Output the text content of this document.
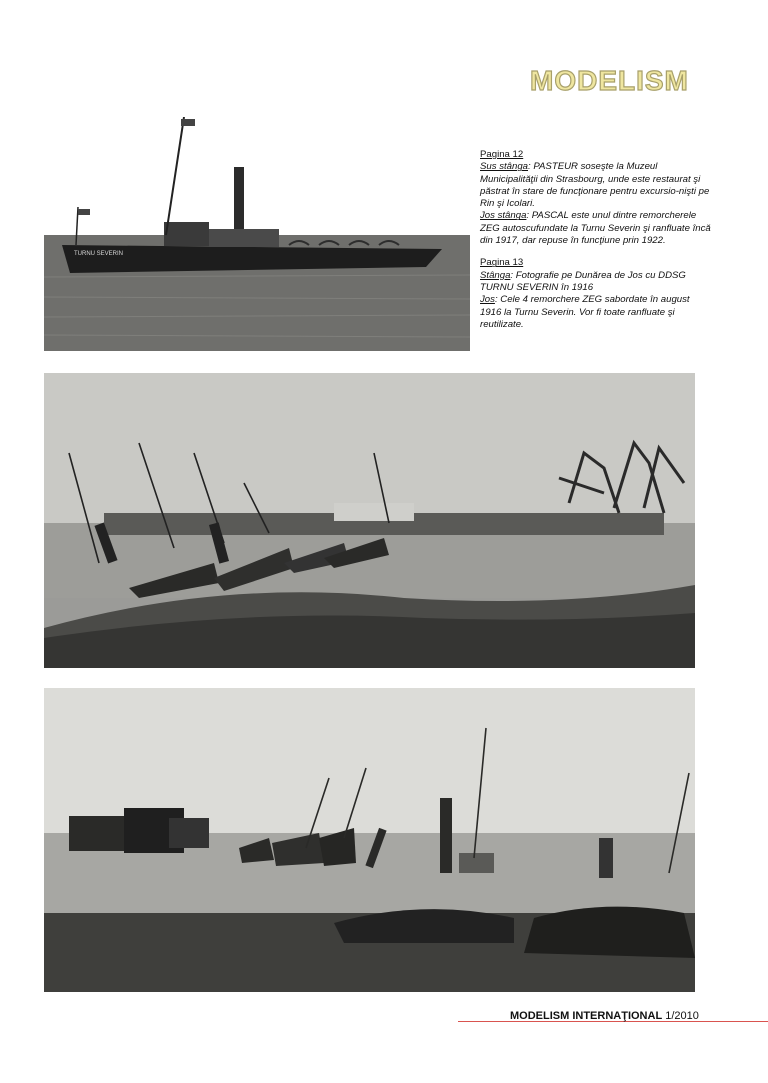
MODELISM
TURNU SEVERIN

Pagina 12

Sus stânga: PASTEUR soseşte la Muzeul Municipalităţii din Strasbourg, unde este restaurat şi păstrat în stare de funcţionare pentru excursio-nişti pe Rin şi Icolari.

Jos stânga: PASCAL este unul dintre remorcherele ZEG autoscufundate la Turnu Severin şi ranfluate încă din 1917, dar repuse în funcţiune prin 1922.

Pagina 13

Stânga: Fotografie pe Dunărea de Jos cu DDSG TURNU SEVERIN în 1916

Jos: Cele 4 remorchere ZEG sabordate în august 1916 la Turnu Severin. Vor fi toate ranfluate şi reutilizate.

MODELISM INTERNAŢIONAL 1/2010
